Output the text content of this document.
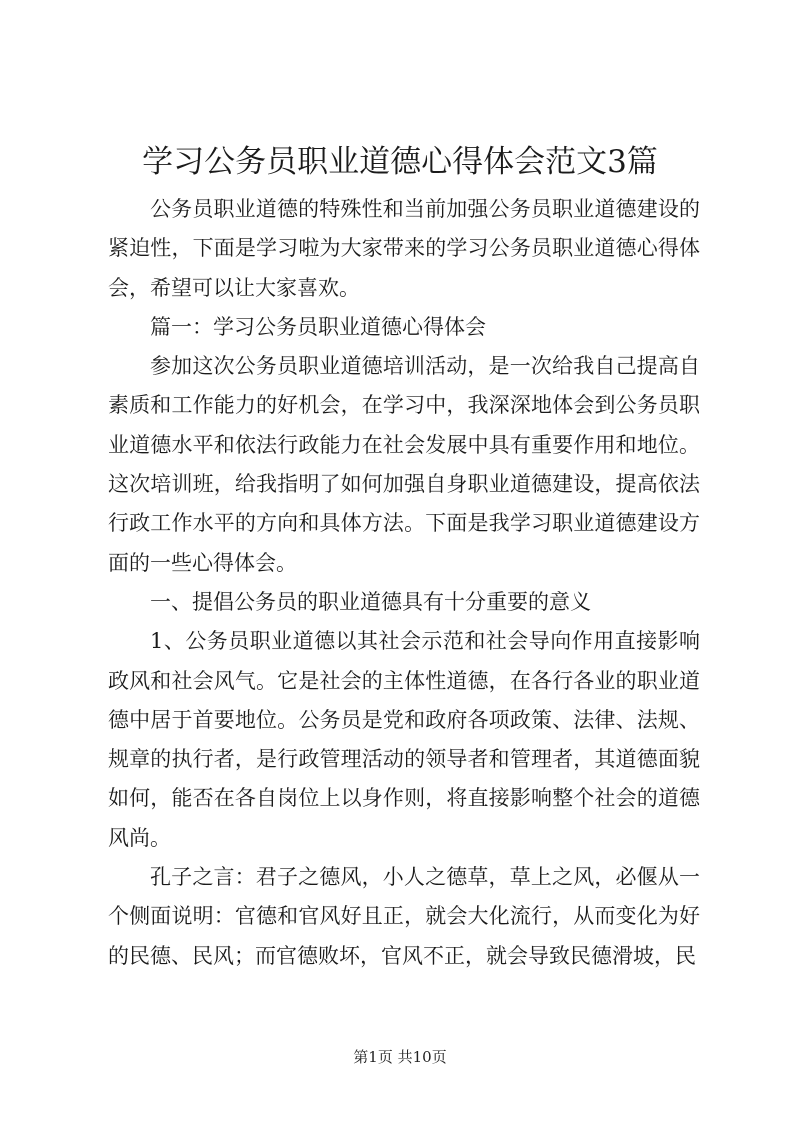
学习公务员职业道德心得体会范文3篇

公务员职业道德的特殊性和当前加强公务员职业道德建设的紧迫性，下面是学习啦为大家带来的学习公务员职业道德心得体会，希望可以让大家喜欢。

篇一：学习公务员职业道德心得体会

参加这次公务员职业道德培训活动，是一次给我自己提高自素质和工作能力的好机会，在学习中，我深深地体会到公务员职业道德水平和依法行政能力在社会发展中具有重要作用和地位。这次培训班，给我指明了如何加强自身职业道德建设，提高依法行政工作水平的方向和具体方法。下面是我学习职业道德建设方面的一些心得体会。

一、提倡公务员的职业道德具有十分重要的意义

1、公务员职业道德以其社会示范和社会导向作用直接影响政风和社会风气。它是社会的主体性道德，在各行各业的职业道德中居于首要地位。公务员是党和政府各项政策、法律、法规、规章的执行者，是行政管理活动的领导者和管理者，其道德面貌如何，能否在各自岗位上以身作则，将直接影响整个社会的道德风尚。

孔子之言：君子之德风，小人之德草，草上之风，必偃从一个侧面说明：官德和官风好且正，就会大化流行，从而变化为好的民德、民风；而官德败坏，官风不正，就会导致民德滑坡，民

第1页 共10页
